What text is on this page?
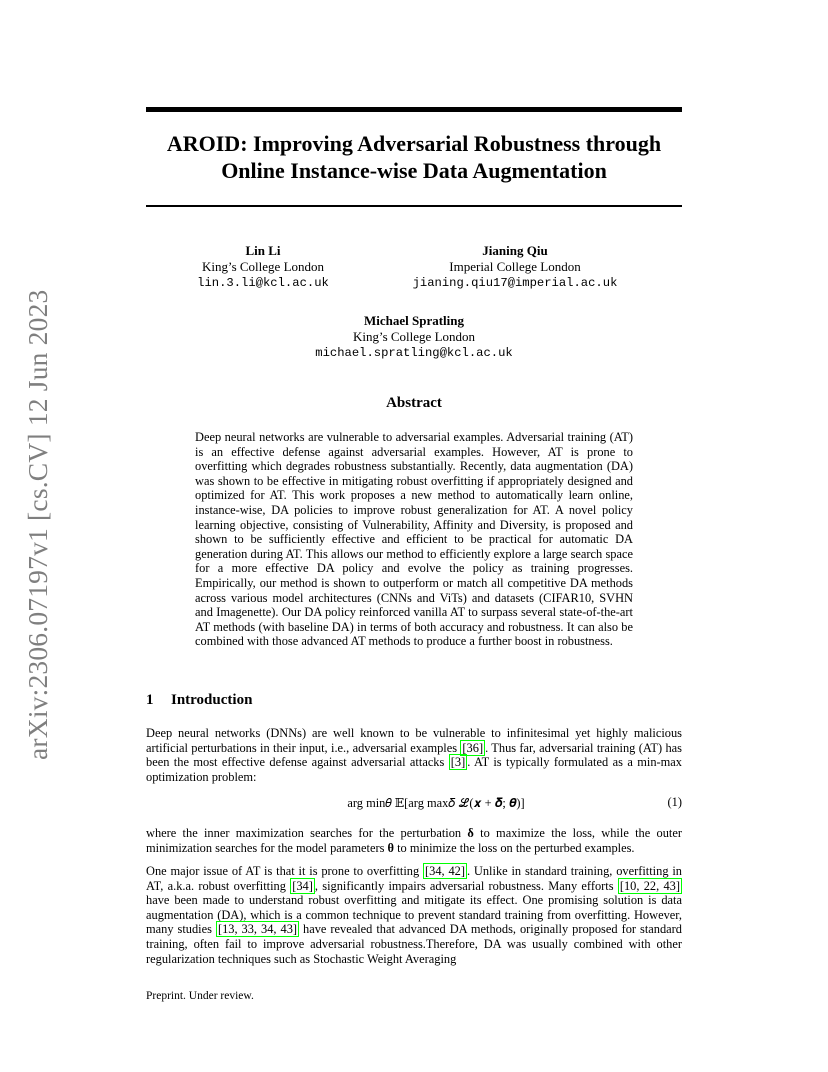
arXiv:2306.07197v1 [cs.CV] 12 Jun 2023
AROID: Improving Adversarial Robustness through Online Instance-wise Data Augmentation
Lin Li
King’s College London
lin.3.li@kcl.ac.uk
Jianing Qiu
Imperial College London
jianing.qiu17@imperial.ac.uk
Michael Spratling
King’s College London
michael.spratling@kcl.ac.uk
Abstract
Deep neural networks are vulnerable to adversarial examples. Adversarial training (AT) is an effective defense against adversarial examples. However, AT is prone to overfitting which degrades robustness substantially. Recently, data augmentation (DA) was shown to be effective in mitigating robust overfitting if appropriately designed and optimized for AT. This work proposes a new method to automatically learn online, instance-wise, DA policies to improve robust generalization for AT. A novel policy learning objective, consisting of Vulnerability, Affinity and Diversity, is proposed and shown to be sufficiently effective and efficient to be practical for automatic DA generation during AT. This allows our method to efficiently explore a large search space for a more effective DA policy and evolve the policy as training progresses. Empirically, our method is shown to outperform or match all competitive DA methods across various model architectures (CNNs and ViTs) and datasets (CIFAR10, SVHN and Imagenette). Our DA policy reinforced vanilla AT to surpass several state-of-the-art AT methods (with baseline DA) in terms of both accuracy and robustness. It can also be combined with those advanced AT methods to produce a further boost in robustness.
1 Introduction
Deep neural networks (DNNs) are well known to be vulnerable to infinitesimal yet highly malicious artificial perturbations in their input, i.e., adversarial examples [36] . Thus far, adversarial training (AT) has been the most effective defense against adversarial attacks [3] . AT is typically formulated as a min-max optimization problem:
arg min𝜃 𝔼[arg max𝛿 ℒ(𝒙 + 𝜹; 𝜽)]	(1)
where the inner maximization searches for the perturbation δ to maximize the loss, while the outer minimization searches for the model parameters θ to minimize the loss on the perturbed examples.
One major issue of AT is that it is prone to overfitting [34, 42] . Unlike in standard training, overfitting in AT, a.k.a. robust overfitting [34] , significantly impairs adversarial robustness. Many efforts [10, 22, 43] have been made to understand robust overfitting and mitigate its effect. One promising solution is data augmentation (DA), which is a common technique to prevent standard training from overfitting. However, many studies [13, 33, 34, 43] have revealed that advanced DA methods, originally proposed for standard training, often fail to improve adversarial robustness.Therefore, DA was usually combined with other regularization techniques such as Stochastic Weight Averaging
Preprint. Under review.
